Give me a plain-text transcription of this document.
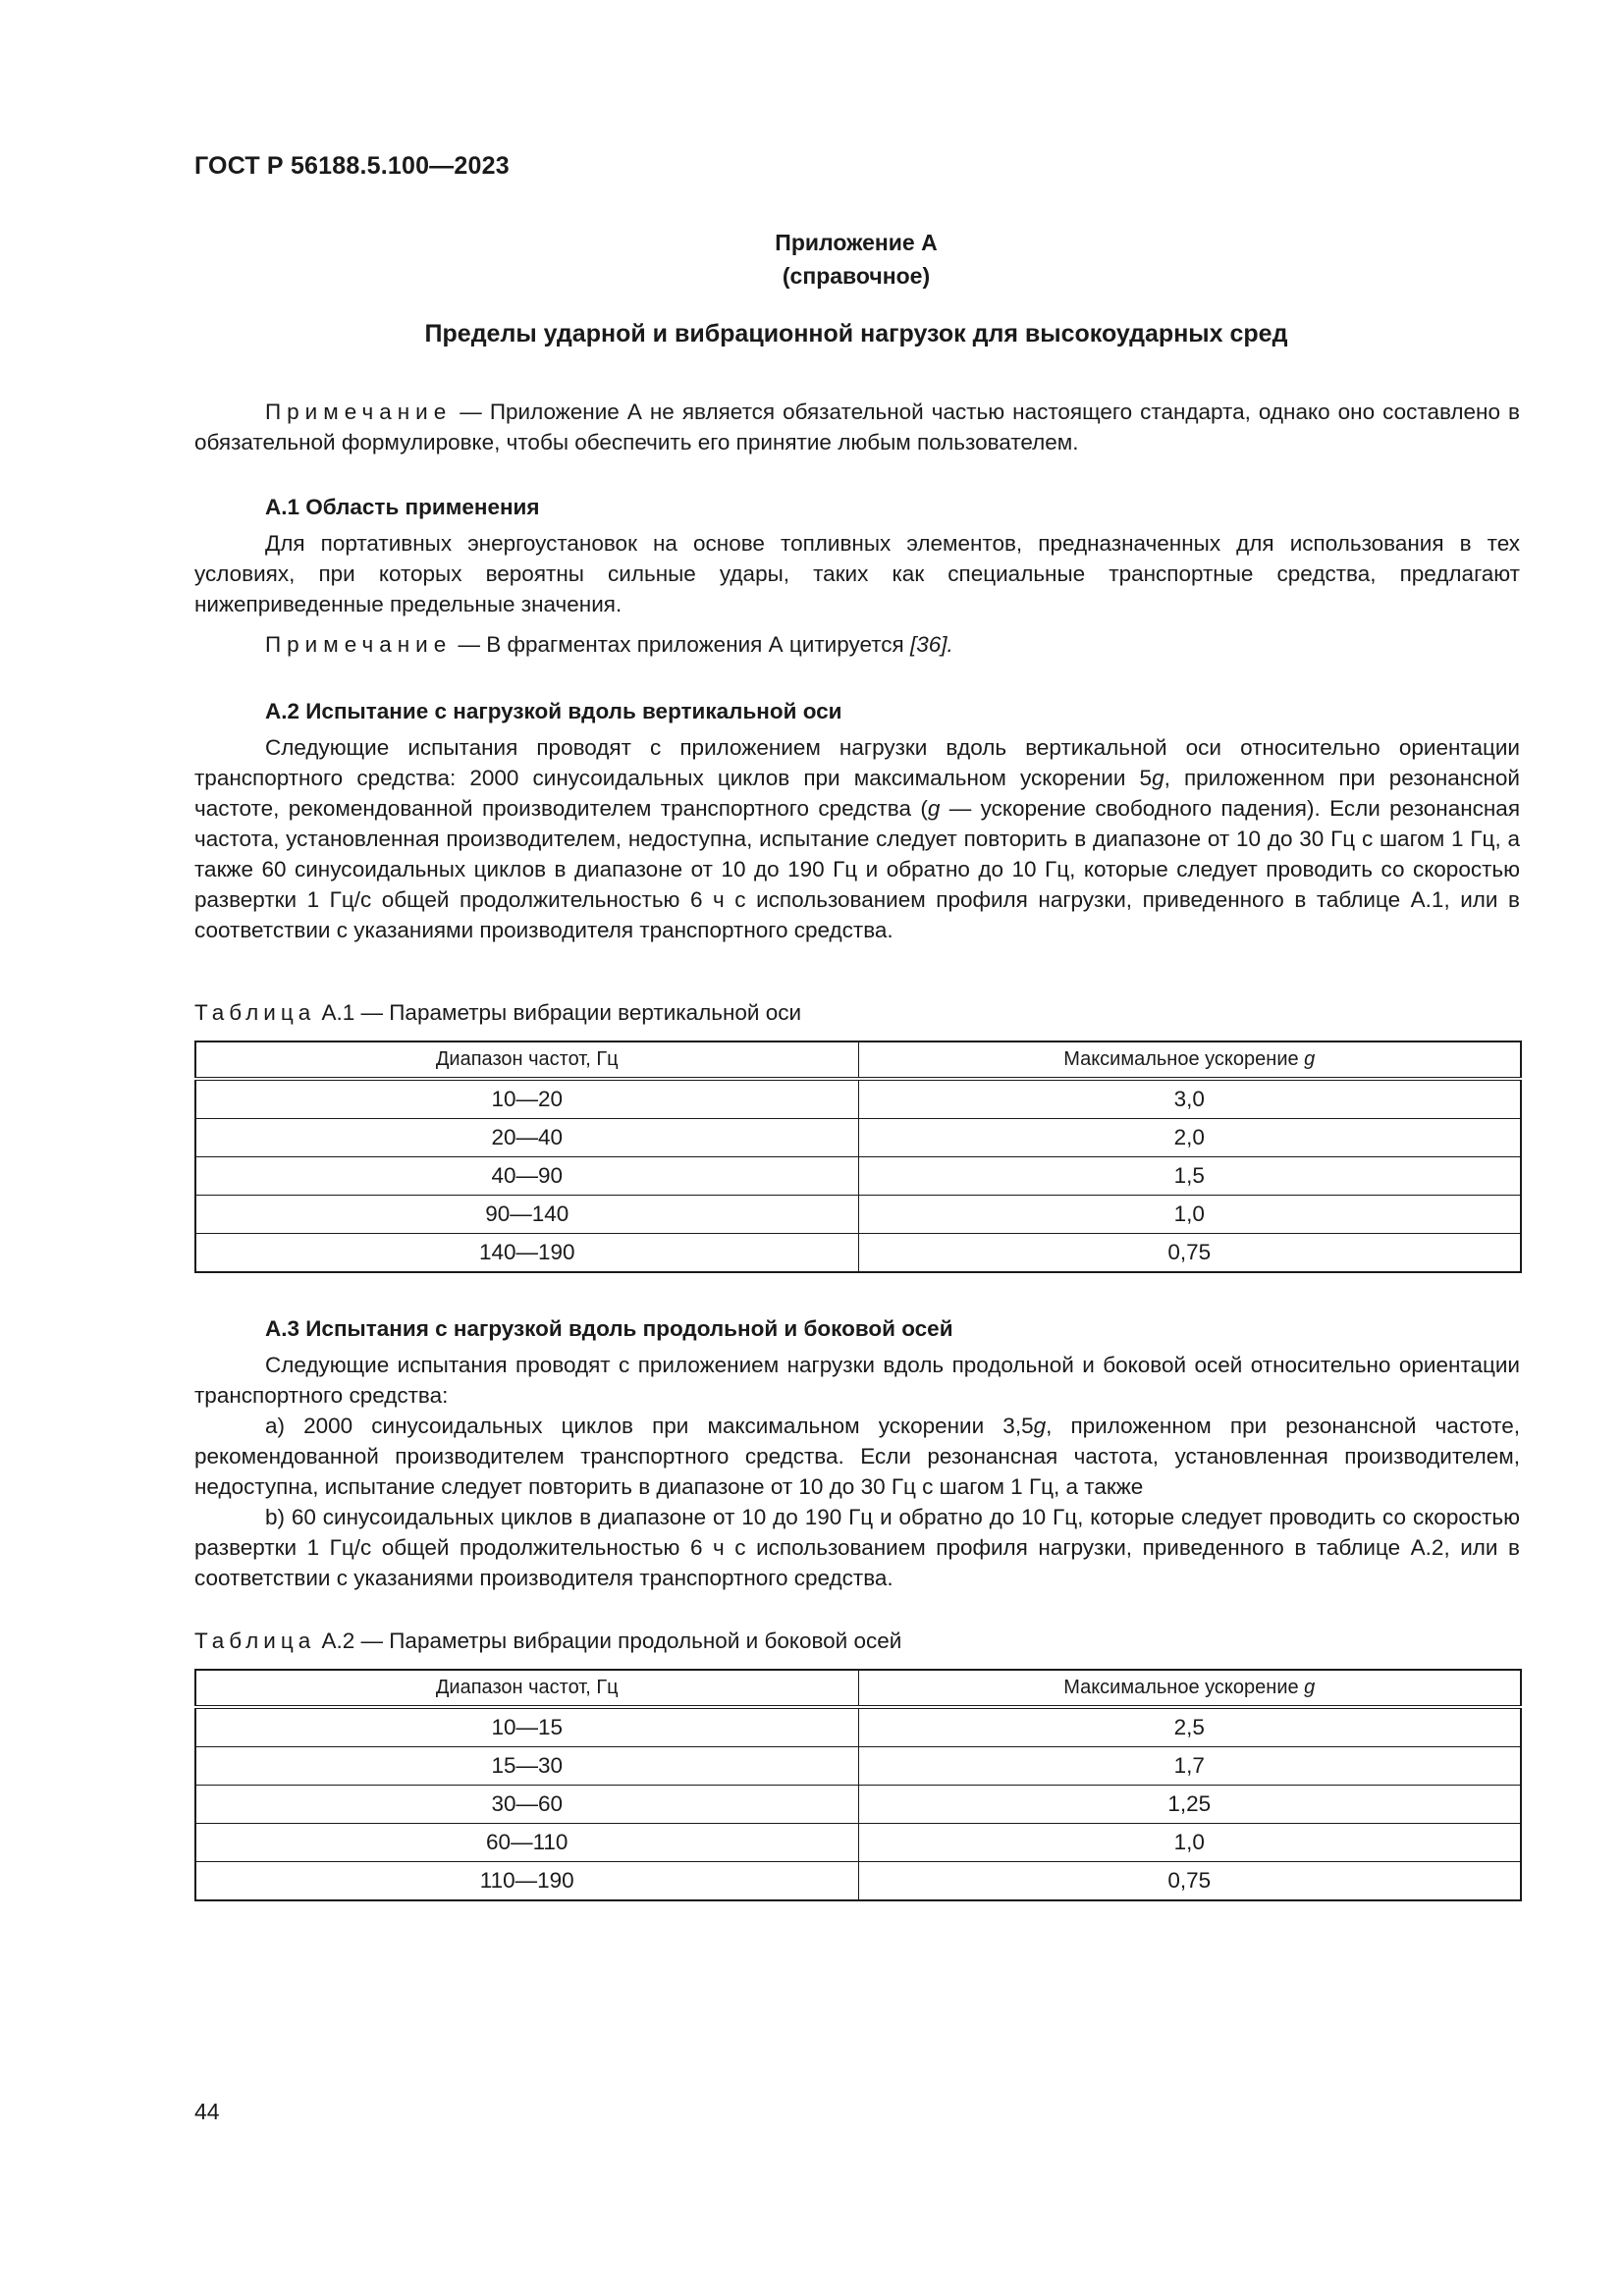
ГОСТ Р 56188.5.100—2023
Приложение А
(справочное)
Пределы ударной и вибрационной нагрузок для высокоударных сред

Примечание — Приложение А не является обязательной частью настоящего стандарта, однако оно составлено в обязательной формулировке, чтобы обеспечить его принятие любым пользователем.

А.1 Область применения

Для портативных энергоустановок на основе топливных элементов, предназначенных для использования в тех условиях, при которых вероятны сильные удары, таких как специальные транспортные средства, предлагают нижеприведенные предельные значения.

Примечание — В фрагментах приложения А цитируется [36].

А.2 Испытание с нагрузкой вдоль вертикальной оси

Следующие испытания проводят с приложением нагрузки вдоль вертикальной оси относительно ориентации транспортного средства: 2000 синусоидальных циклов при максимальном ускорении 5g, приложенном при резонансной частоте, рекомендованной производителем транспортного средства (g — ускорение свободного падения). Если резонансная частота, установленная производителем, недоступна, испытание следует повторить в диапазоне от 10 до 30 Гц с шагом 1 Гц, а также 60 синусоидальных циклов в диапазоне от 10 до 190 Гц и обратно до 10 Гц, которые следует проводить со скоростью развертки 1 Гц/с общей продолжительностью 6 ч с использованием профиля нагрузки, приведенного в таблице А.1, или в соответствии с указаниями производителя транспортного средства.

Таблица А.1 — Параметры вибрации вертикальной оси
Диапазон частот, Гц	Максимальное ускорение g
10—20	3,0
20—40	2,0
40—90	1,5
90—140	1,0
140—190	0,75

А.3 Испытания с нагрузкой вдоль продольной и боковой осей

Следующие испытания проводят с приложением нагрузки вдоль продольной и боковой осей относительно ориентации транспортного средства:

a) 2000 синусоидальных циклов при максимальном ускорении 3,5g, приложенном при резонансной частоте, рекомендованной производителем транспортного средства. Если резонансная частота, установленная производителем, недоступна, испытание следует повторить в диапазоне от 10 до 30 Гц с шагом 1 Гц, а также

b) 60 синусоидальных циклов в диапазоне от 10 до 190 Гц и обратно до 10 Гц, которые следует проводить со скоростью развертки 1 Гц/с общей продолжительностью 6 ч с использованием профиля нагрузки, приведенного в таблице А.2, или в соответствии с указаниями производителя транспортного средства.

Таблица А.2 — Параметры вибрации продольной и боковой осей
Диапазон частот, Гц	Максимальное ускорение g
10—15	2,5
15—30	1,7
30—60	1,25
60—110	1,0
110—190	0,75
44
